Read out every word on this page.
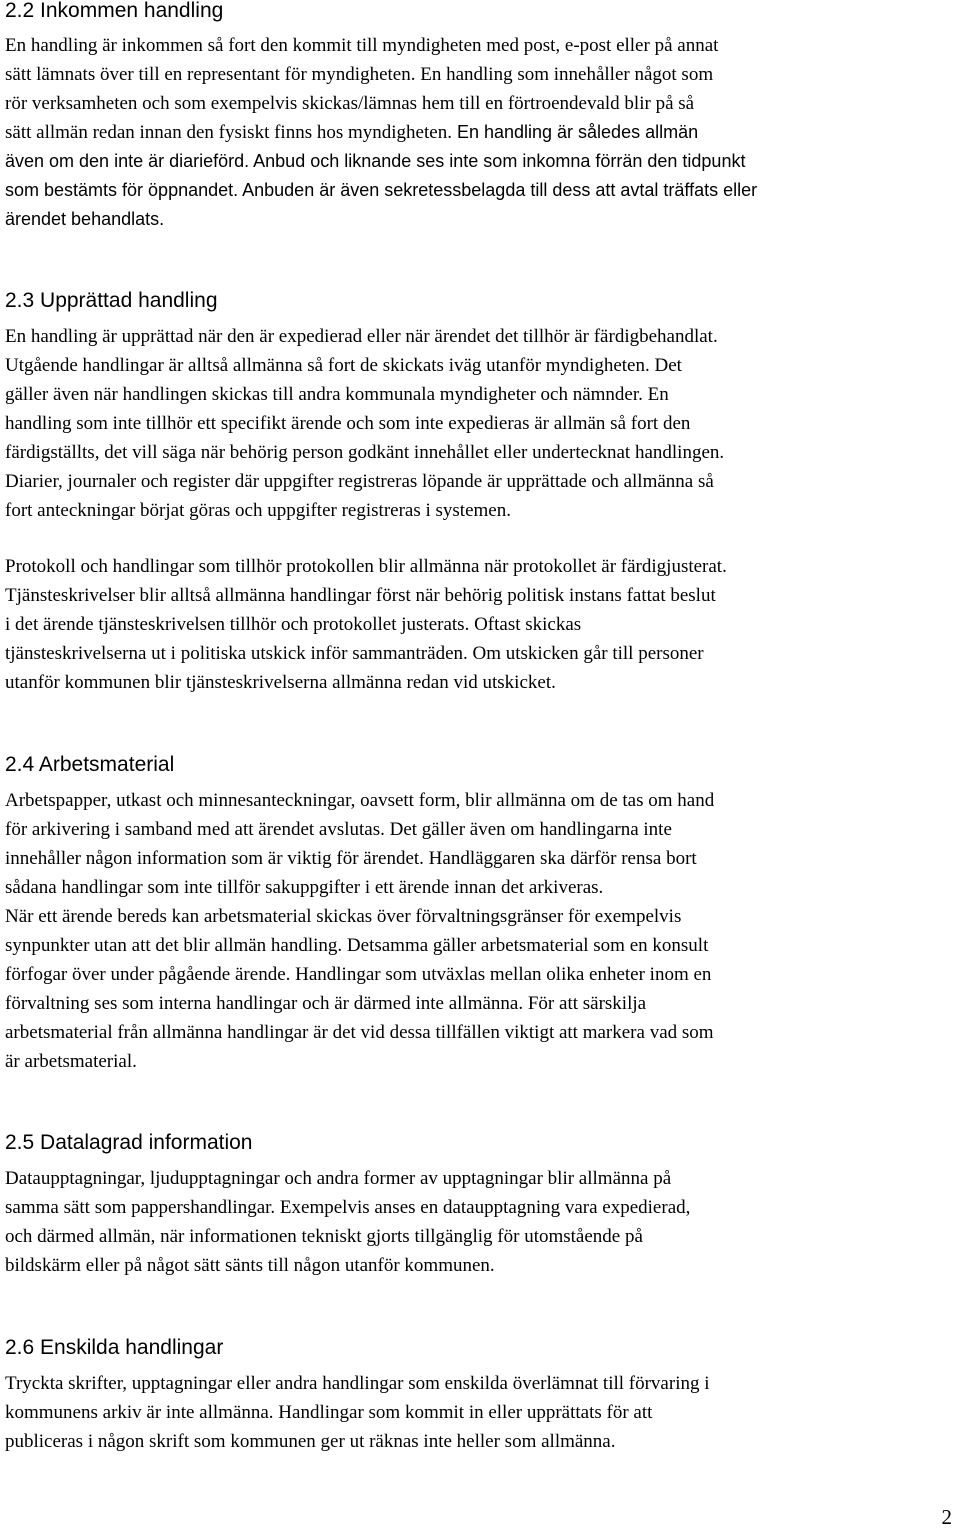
2.2 Inkommen handling
En handling är inkommen så fort den kommit till myndigheten med post, e-post eller på annat
sätt lämnats över till en representant för myndigheten. En handling som innehåller något som
rör verksamheten och som exempelvis skickas/lämnas hem till en förtroendevald blir på så
sätt allmän redan innan den fysiskt finns hos myndigheten. En handling är således allmän
även om den inte är diarieförd. Anbud och liknande ses inte som inkomna förrän den tidpunkt
som bestämts för öppnandet. Anbuden är även sekretessbelagda till dess att avtal träffats eller
ärendet behandlats.
2.3 Upprättad handling
En handling är upprättad när den är expedierad eller när ärendet det tillhör är färdigbehandlat.
Utgående handlingar är alltså allmänna så fort de skickats iväg utanför myndigheten. Det
gäller även när handlingen skickas till andra kommunala myndigheter och nämnder. En
handling som inte tillhör ett specifikt ärende och som inte expedieras är allmän så fort den
färdigställts, det vill säga när behörig person godkänt innehållet eller undertecknat handlingen.
Diarier, journaler och register där uppgifter registreras löpande är upprättade och allmänna så
fort anteckningar börjat göras och uppgifter registreras i systemen.
Protokoll och handlingar som tillhör protokollen blir allmänna när protokollet är färdigjusterat.
Tjänsteskrivelser blir alltså allmänna handlingar först när behörig politisk instans fattat beslut
i det ärende tjänsteskrivelsen tillhör och protokollet justerats. Oftast skickas
tjänsteskrivelserna ut i politiska utskick inför sammanträden. Om utskicken går till personer
utanför kommunen blir tjänsteskrivelserna allmänna redan vid utskicket.
2.4 Arbetsmaterial
Arbetspapper, utkast och minnesanteckningar, oavsett form, blir allmänna om de tas om hand
för arkivering i samband med att ärendet avslutas. Det gäller även om handlingarna inte
innehåller någon information som är viktig för ärendet. Handläggaren ska därför rensa bort
sådana handlingar som inte tillför sakuppgifter i ett ärende innan det arkiveras.
När ett ärende bereds kan arbetsmaterial skickas över förvaltningsgränser för exempelvis
synpunkter utan att det blir allmän handling. Detsamma gäller arbetsmaterial som en konsult
förfogar över under pågående ärende. Handlingar som utväxlas mellan olika enheter inom en
förvaltning ses som interna handlingar och är därmed inte allmänna. För att särskilja
arbetsmaterial från allmänna handlingar är det vid dessa tillfällen viktigt att markera vad som
är arbetsmaterial.
2.5 Datalagrad information
Dataupptagningar, ljudupptagningar och andra former av upptagningar blir allmänna på
samma sätt som pappershandlingar. Exempelvis anses en dataupptagning vara expedierad,
och därmed allmän, när informationen tekniskt gjorts tillgänglig för utomstående på
bildskärm eller på något sätt sänts till någon utanför kommunen.
2.6 Enskilda handlingar
Tryckta skrifter, upptagningar eller andra handlingar som enskilda överlämnat till förvaring i
kommunens arkiv är inte allmänna. Handlingar som kommit in eller upprättats för att
publiceras i någon skrift som kommunen ger ut räknas inte heller som allmänna.
2
